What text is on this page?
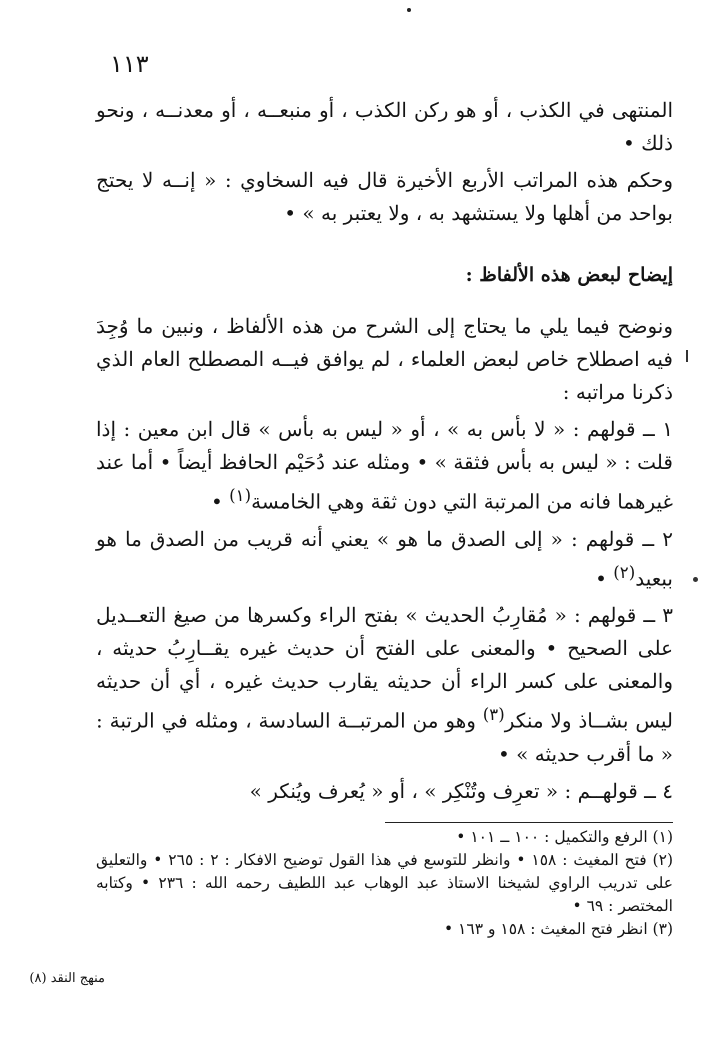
١١٣

المنتهى في الكذب ، أو هو ركن الكذب ، أو منبعــه ، أو معدنــه ، ونحو ذلك •

وحكم هذه المراتب الأربع الأخيرة قال فيه السخاوي : « إنــه لا يحتج بواحد من أهلها ولا يستشهد به ، ولا يعتبر به » •

إيضاح لبعض هذه الألفاظ :

ونوضح فيما يلي ما يحتاج إلى الشرح من هذه الألفاظ ، ونبين ما وُجِدَ فيه اصطلاح خاص لبعض العلماء ، لم يوافق فيــه المصطلح العام الذي ذكرنا مراتبه :

١ ــ قولهم : « لا بأس به » ، أو « ليس به بأس » قال ابن معين : إذا قلت : « ليس به بأس فثقة » • ومثله عند دُحَيْم الحافظ أيضاً • أما عند غيرهما فانه من المرتبة التي دون ثقة وهي الخامسة$^{(١)}$ •

٢ ــ قولهم : « إلى الصدق ما هو » يعني أنه قريب من الصدق ما هو ببعيد$^{(٢)}$ •

٣ ــ قولهم : « مُقارِبُ الحديث » بفتح الراء وكسرها من صيغ التعــديل على الصحيح • والمعنى على الفتح أن حديث غيره يقــارِبُ حديثه ، والمعنى على كسر الراء أن حديثه يقارب حديث غيره ، أي أن حديثه ليس بشــاذ ولا منكر$^{(٣)}$ وهو من المرتبــة السادسة ، ومثله في الرتبة : « ما أقرب حديثه » •

٤ ــ قولهــم : « تعرِف وتُنْكِر » ، أو « يُعرف ويُنكر »

(١) الرفع والتكميل : ١٠٠ ــ ١٠١ •
(٢) فتح المغيث : ١٥٨ • وانظر للتوسع في هذا القول توضيح الافكار : ٢ : ٢٦٥ • والتعليق على تدريب الراوي لشيخنا الاستاذ عبد الوهاب عبد اللطيف رحمه الله : ٢٣٦ • وكتابه المختصر : ٦٩ •
(٣) انظر فتح المغيث : ١٥٨ و ١٦٣ •
منهج النقد (٨)
